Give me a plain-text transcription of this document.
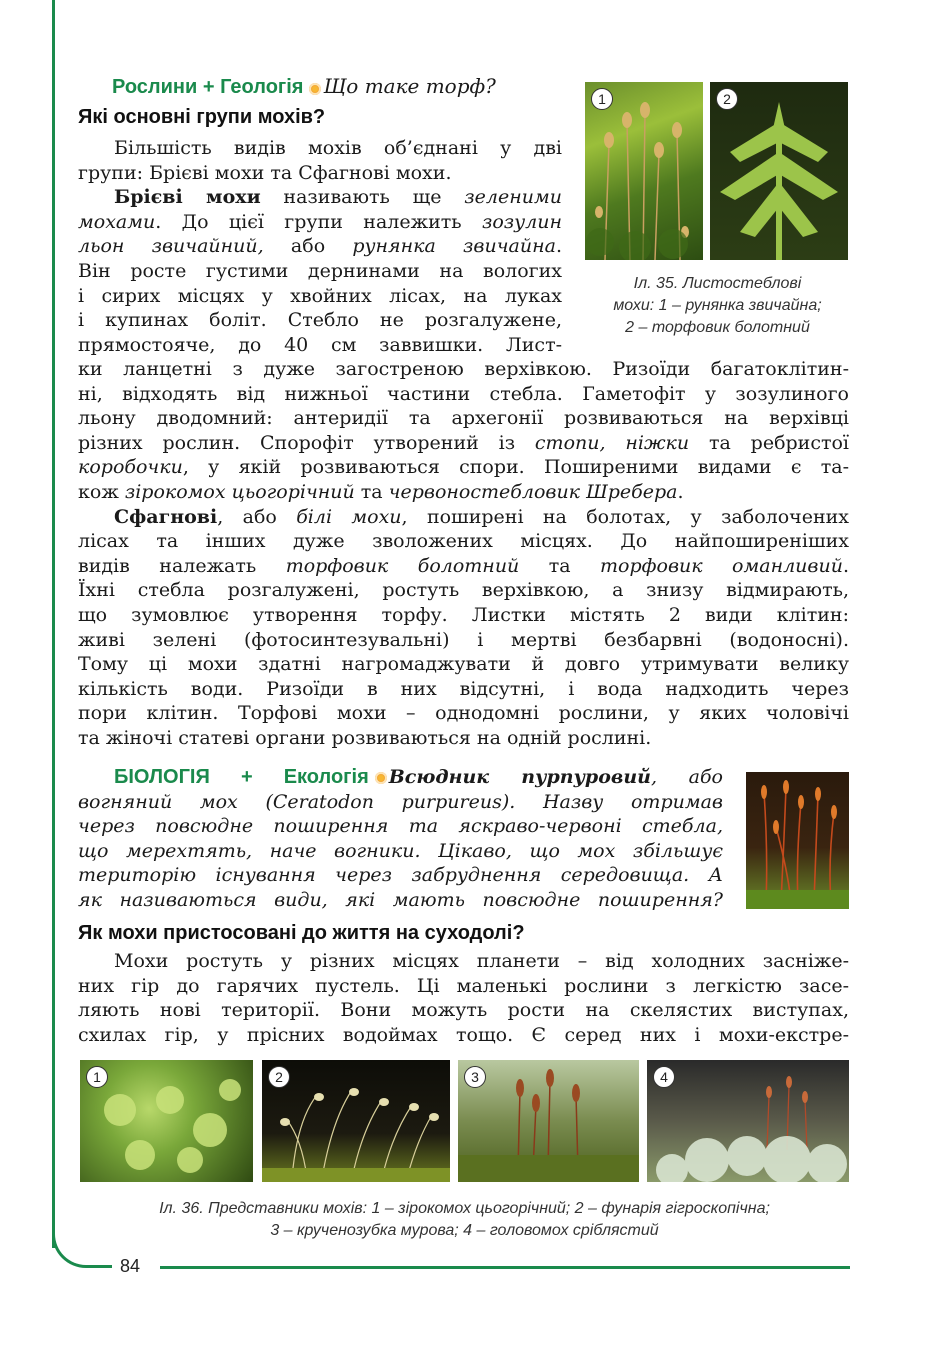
84
Рослини + Геологія Що таке торф?
Які основні групи мохів?
Більшість видів мохів об’єднані у дві
групи: Брієві мохи та Сфагнові мохи.
Брієві мохи називають ще зеленими
мохами. До цієї групи належить зозулин
льон звичайний, або рунянка звичайна.
Він росте густими дернинами на вологих
і сирих місцях у хвойних лісах, на луках
і купинах боліт. Стебло не розгалужене,
прямостояче, до 40 см заввишки. Лист-
1	2
Іл. 35. Листостеблові
мохи: 1 – рунянка звичайна;
2 – торфовик болотний
ки ланцетні з дуже загостреною верхівкою. Ризоїди багатоклітин-
ні, відходять від нижньої частини стебла. Гаметофіт у зозулиного
льону дводомний: антеридії та архегонії розвиваються на верхівці
різних рослин. Спорофіт утворений із стопи, ніжки та ребристої
коробочки, у якій розвиваються спори. Поширеними видами є та-
кож зірокомох цьогорічний та червоностебловик Шребера.
Сфагнові, або білі мохи, поширені на болотах, у заболочених
лісах та інших дуже зволожених місцях. До найпоширеніших
видів належать торфовик болотний та торфовик оманливий.
Їхні стебла розгалужені, ростуть верхівкою, а знизу відмирають,
що зумовлює утворення торфу. Листки містять 2 види клітин:
живі зелені (фотосинтезувальні) і мертві безбарвні (водоносні).
Тому ці мохи здатні нагромаджувати й довго утримувати велику
кількість води. Ризоїди в них відсутні, і вода надходить через
пори клітин. Торфові мохи – однодомні рослини, у яких чоловічі
та жіночі статеві органи розвиваються на одній рослині.
БІОЛОГІЯ + Екологія Всюдник пурпуровий, або
вогняний мох (Ceratodon purpureus). Назву отримав
через повсюдне поширення та яскраво-червоні стебла,
що мерехтять, наче вогники. Цікаво, що мох збільшує
територію існування через забруднення середовища. А
як називаються види, які мають повсюдне поширення?
Як мохи пристосовані до життя на суходолі?
Мохи ростуть у різних місцях планети – від холодних засніже-
них гір до гарячих пустель. Ці маленькі рослини з легкістю засе-
ляють нові території. Вони можуть рости на скелястих виступах,
схилах гір, у прісних водоймах тощо. Є серед них і мохи-екстре-
1	2	3	4
Іл. 36. Представники мохів: 1 – зірокомох цьогорічний; 2 – фунарія гігроскопічна;
3 – крученозубка мурова; 4 – головомох сріблястий
